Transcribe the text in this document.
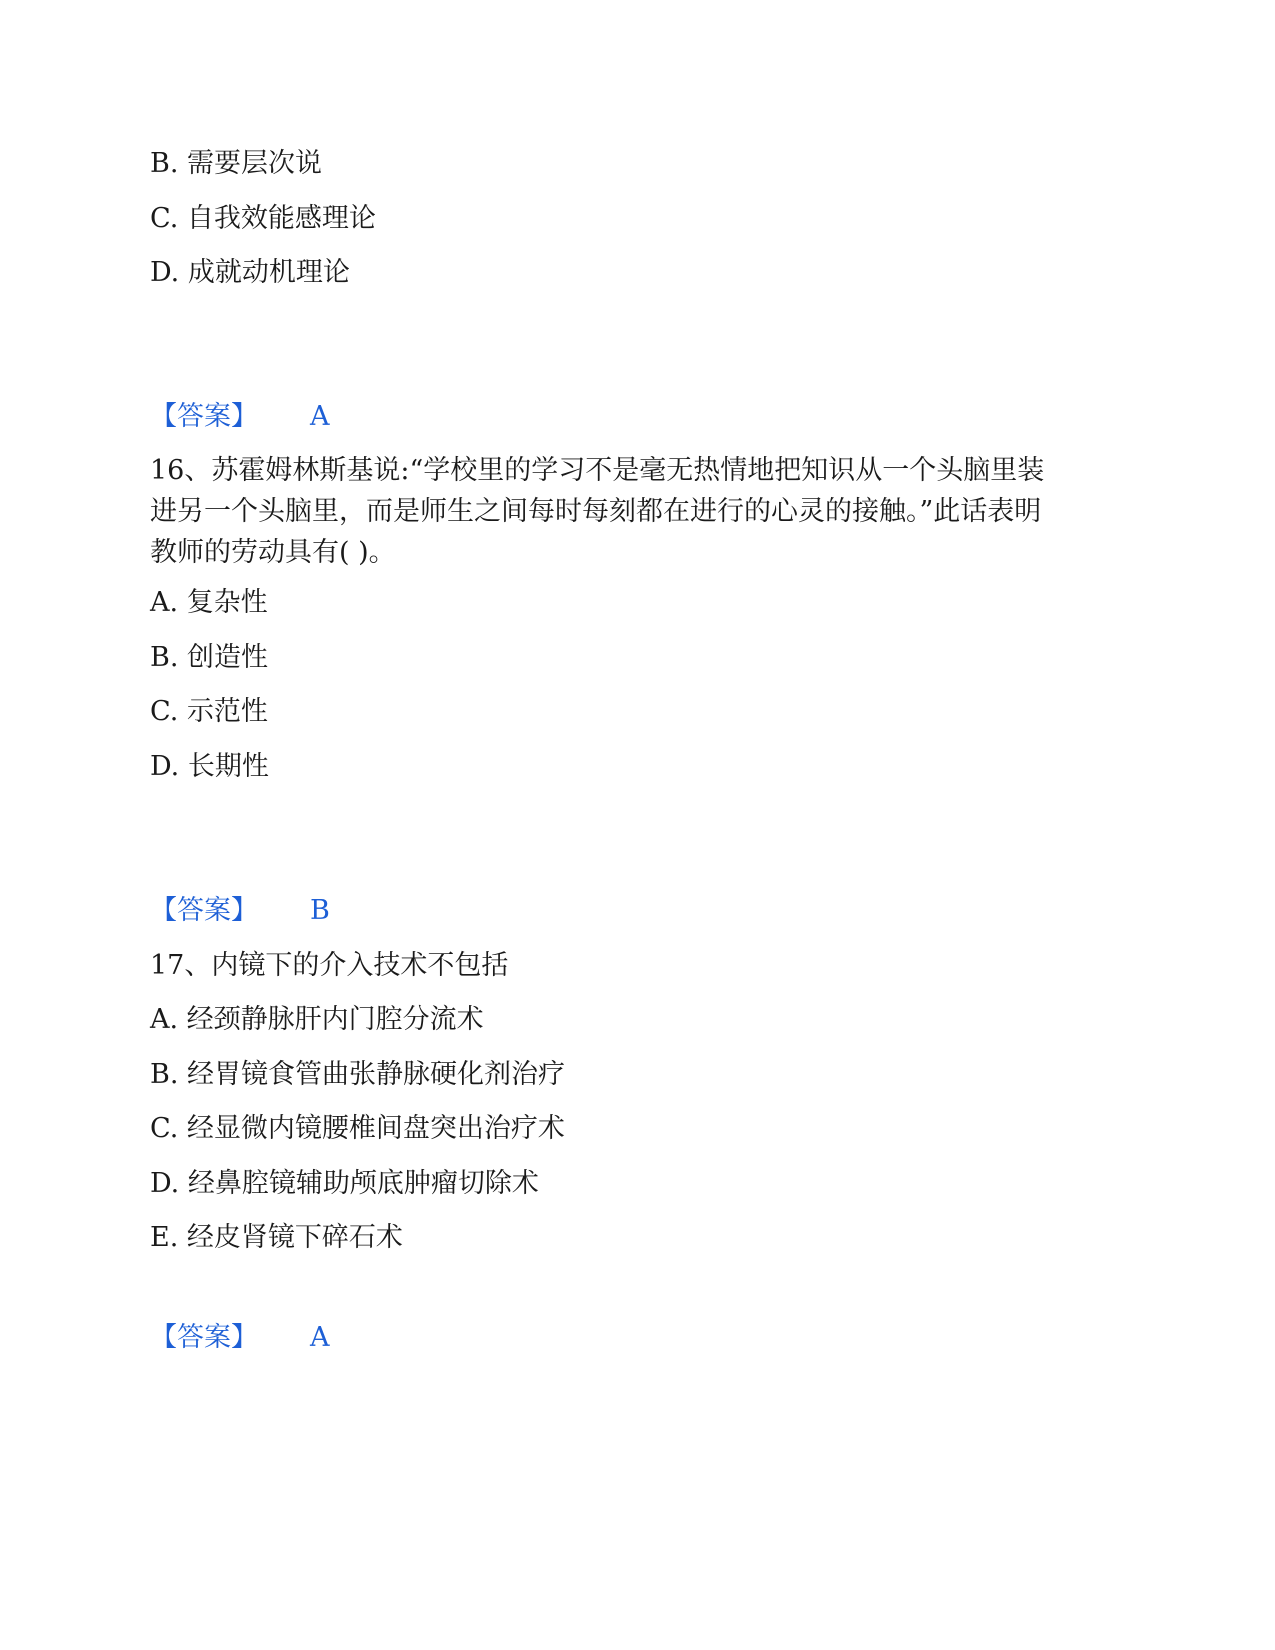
B. 需要层次说
C. 自我效能感理论
D. 成就动机理论
【答案】 A
16、苏霍姆林斯基说:“学校里的学习不是毫无热情地把知识从一个头脑里装
进另一个头脑里，而是师生之间每时每刻都在进行的心灵的接触。”此话表明
教师的劳动具有( )。
A. 复杂性
B. 创造性
C. 示范性
D. 长期性
【答案】 B
17、内镜下的介入技术不包括
A. 经颈静脉肝内门腔分流术
B. 经胃镜食管曲张静脉硬化剂治疗
C. 经显微内镜腰椎间盘突出治疗术
D. 经鼻腔镜辅助颅底肿瘤切除术
E. 经皮肾镜下碎石术
【答案】 A
